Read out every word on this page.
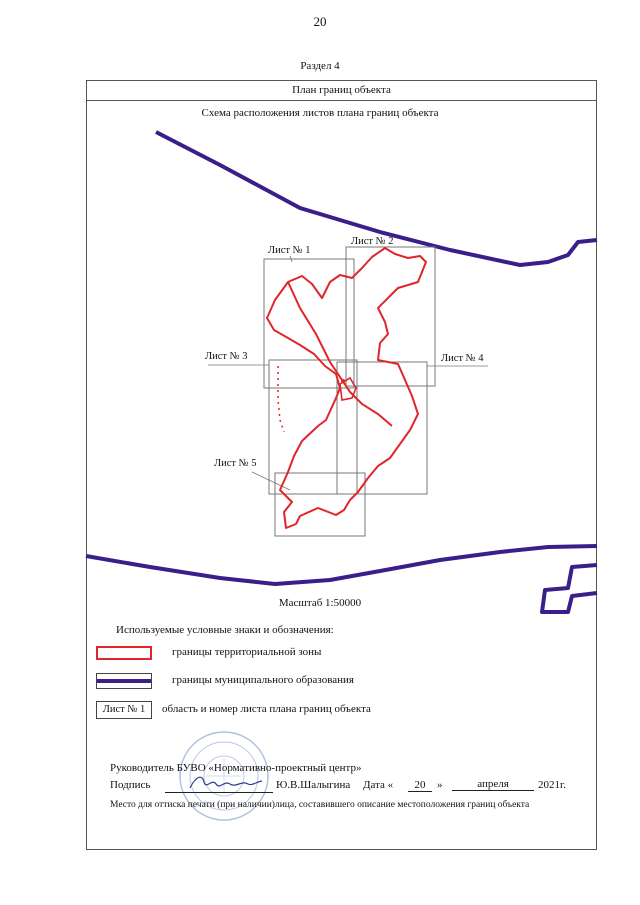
20
Раздел 4
План границ объекта
Схема расположения листов плана границ объекта
Лист № 1
Лист № 2
Лист № 3	Лист № 4
Лист № 5
Масштаб 1:50000
Используемые условные знаки и обозначения:
границы территориальной зоны
границы муниципального образования
Лист № 1	область и номер листа плана границ объекта
Руководитель БУВО «Нормативно-проектный центр»
Подпись	Ю.В.Шалыгина Дата «	20	»	апреля	2021г.
Место для оттиска печати (при наличии)лица, составившего описание местоположения границ объекта
